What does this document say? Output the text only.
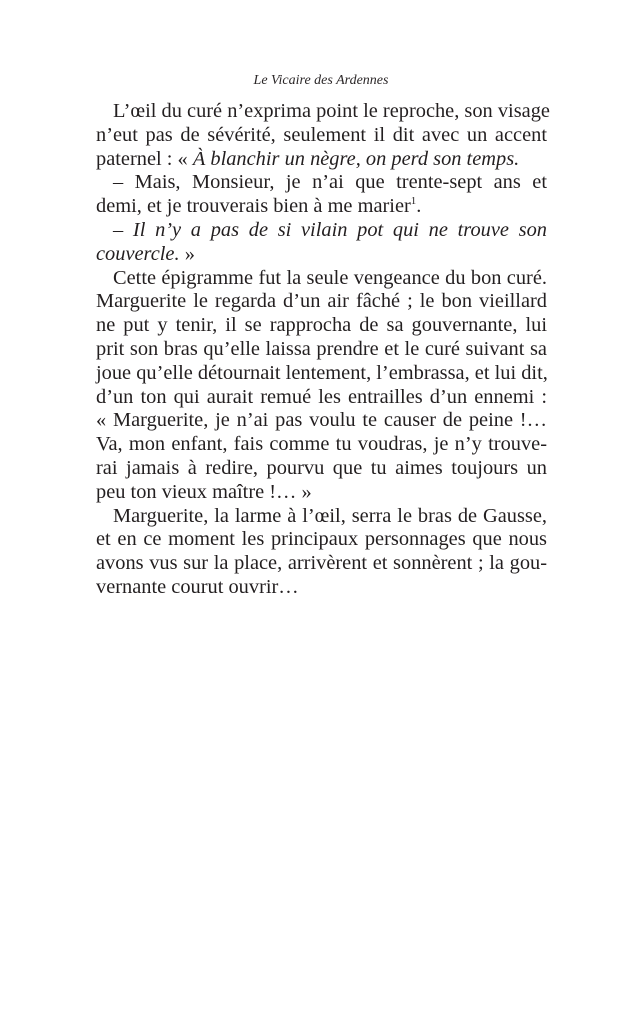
Le Vicaire des Ardennes
L’œil du curé n’exprima point le reproche, son visage
n’eut pas de sévérité, seulement il dit avec un accent
paternel : « À blanchir un nègre, on perd son temps.
– Mais, Monsieur, je n’ai que trente-sept ans et
demi, et je trouverais bien à me marier$^1$.
– Il n’y a pas de si vilain pot qui ne trouve son
couvercle. »
Cette épigramme fut la seule vengeance du bon curé.
Marguerite le regarda d’un air fâché ; le bon vieillard
ne put y tenir, il se rapprocha de sa gouvernante, lui
prit son bras qu’elle laissa prendre et le curé suivant sa
joue qu’elle détournait lentement, l’embrassa, et lui dit,
d’un ton qui aurait remué les entrailles d’un ennemi :
« Marguerite, je n’ai pas voulu te causer de peine !…
Va, mon enfant, fais comme tu voudras, je n’y trouve-
rai jamais à redire, pourvu que tu aimes toujours un
peu ton vieux maître !… »
Marguerite, la larme à l’œil, serra le bras de Gausse,
et en ce moment les principaux personnages que nous
avons vus sur la place, arrivèrent et sonnèrent ; la gou-
vernante courut ouvrir…
